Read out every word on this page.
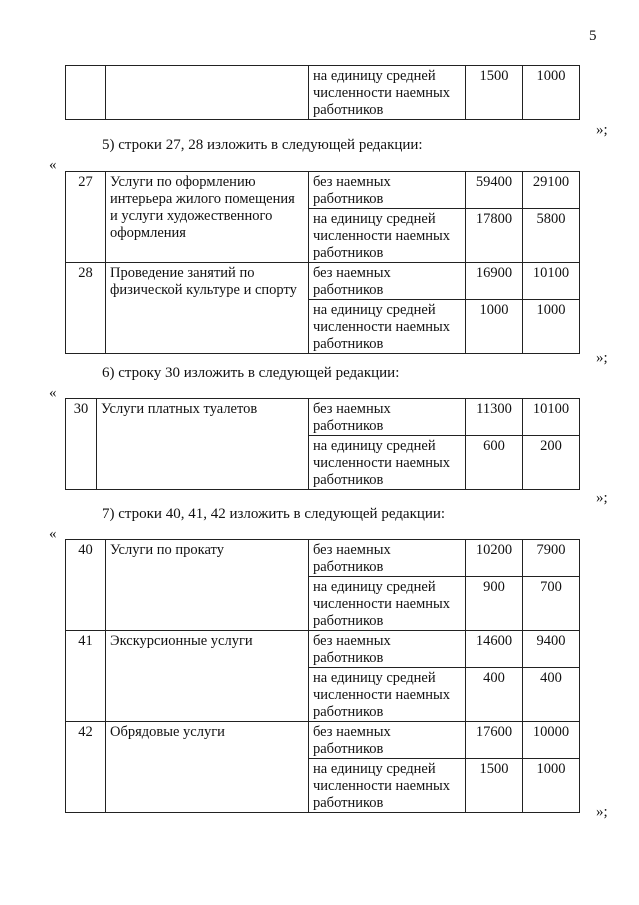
5
		на единицу средней численности наемных работников	1500	1000
»;
5) строки 27, 28 изложить в следующей редакции:
«
27	Услуги по оформлению интерьера жилого помещения и услуги художественного оформления	без наемных работников	59400	29100
		на единицу средней численности наемных работников	17800	5800
28	Проведение занятий по физической культуре и спорту	без наемных работников	16900	10100
		на единицу средней численности наемных работников	1000	1000
»;
6) строку 30 изложить в следующей редакции:
«
30	Услуги платных туалетов	без наемных работников	11300	10100
		на единицу средней численности наемных работников	600	200
»;
7) строки 40, 41, 42 изложить в следующей редакции:
«
40	Услуги по прокату	без наемных работников	10200	7900
		на единицу средней численности наемных работников	900	700
41	Экскурсионные услуги	без наемных работников	14600	9400
		на единицу средней численности наемных работников	400	400
42	Обрядовые услуги	без наемных работников	17600	10000
		на единицу средней численности наемных работников	1500	1000
»;
